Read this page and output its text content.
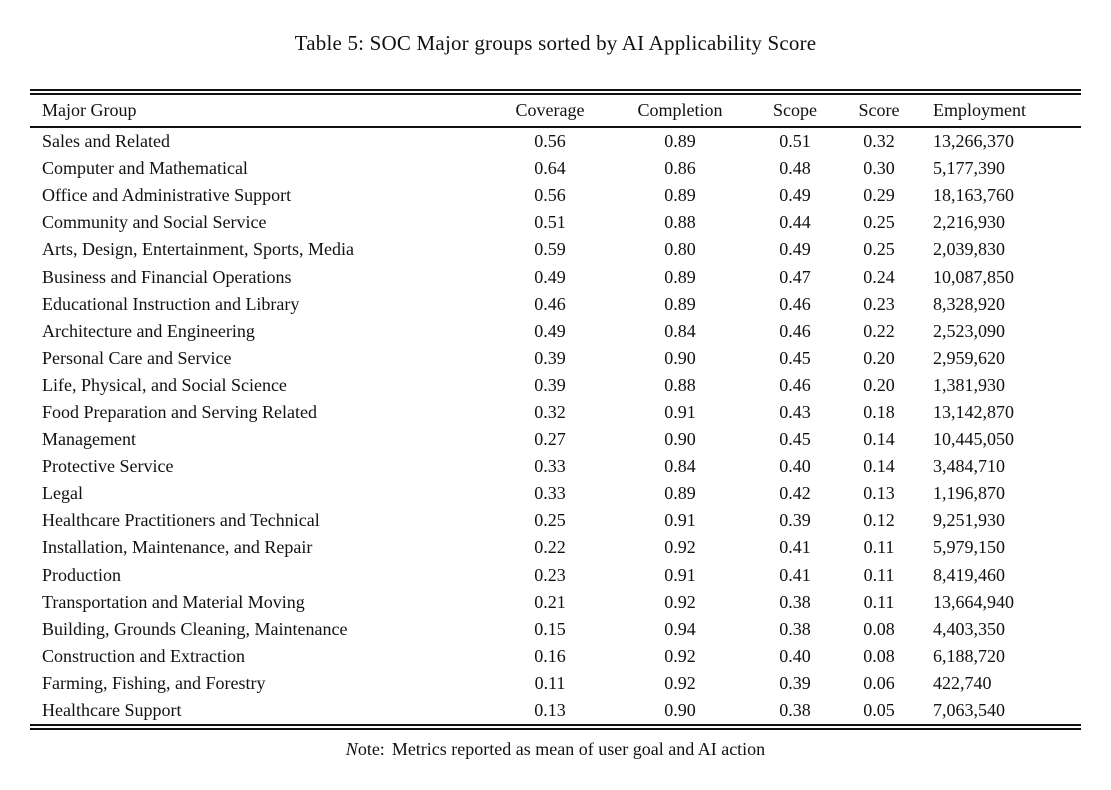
Table 5: SOC Major groups sorted by AI Applicability Score
Major Group	Coverage	Completion	Scope	Score	Employment
Sales and Related	0.56	0.89	0.51	0.32	13,266,370
Computer and Mathematical	0.64	0.86	0.48	0.30	5,177,390
Office and Administrative Support	0.56	0.89	0.49	0.29	18,163,760
Community and Social Service	0.51	0.88	0.44	0.25	2,216,930
Arts, Design, Entertainment, Sports, Media	0.59	0.80	0.49	0.25	2,039,830
Business and Financial Operations	0.49	0.89	0.47	0.24	10,087,850
Educational Instruction and Library	0.46	0.89	0.46	0.23	8,328,920
Architecture and Engineering	0.49	0.84	0.46	0.22	2,523,090
Personal Care and Service	0.39	0.90	0.45	0.20	2,959,620
Life, Physical, and Social Science	0.39	0.88	0.46	0.20	1,381,930
Food Preparation and Serving Related	0.32	0.91	0.43	0.18	13,142,870
Management	0.27	0.90	0.45	0.14	10,445,050
Protective Service	0.33	0.84	0.40	0.14	3,484,710
Legal	0.33	0.89	0.42	0.13	1,196,870
Healthcare Practitioners and Technical	0.25	0.91	0.39	0.12	9,251,930
Installation, Maintenance, and Repair	0.22	0.92	0.41	0.11	5,979,150
Production	0.23	0.91	0.41	0.11	8,419,460
Transportation and Material Moving	0.21	0.92	0.38	0.11	13,664,940
Building, Grounds Cleaning, Maintenance	0.15	0.94	0.38	0.08	4,403,350
Construction and Extraction	0.16	0.92	0.40	0.08	6,188,720
Farming, Fishing, and Forestry	0.11	0.92	0.39	0.06	422,740
Healthcare Support	0.13	0.90	0.38	0.05	7,063,540
Note: Metrics reported as mean of user goal and AI action
